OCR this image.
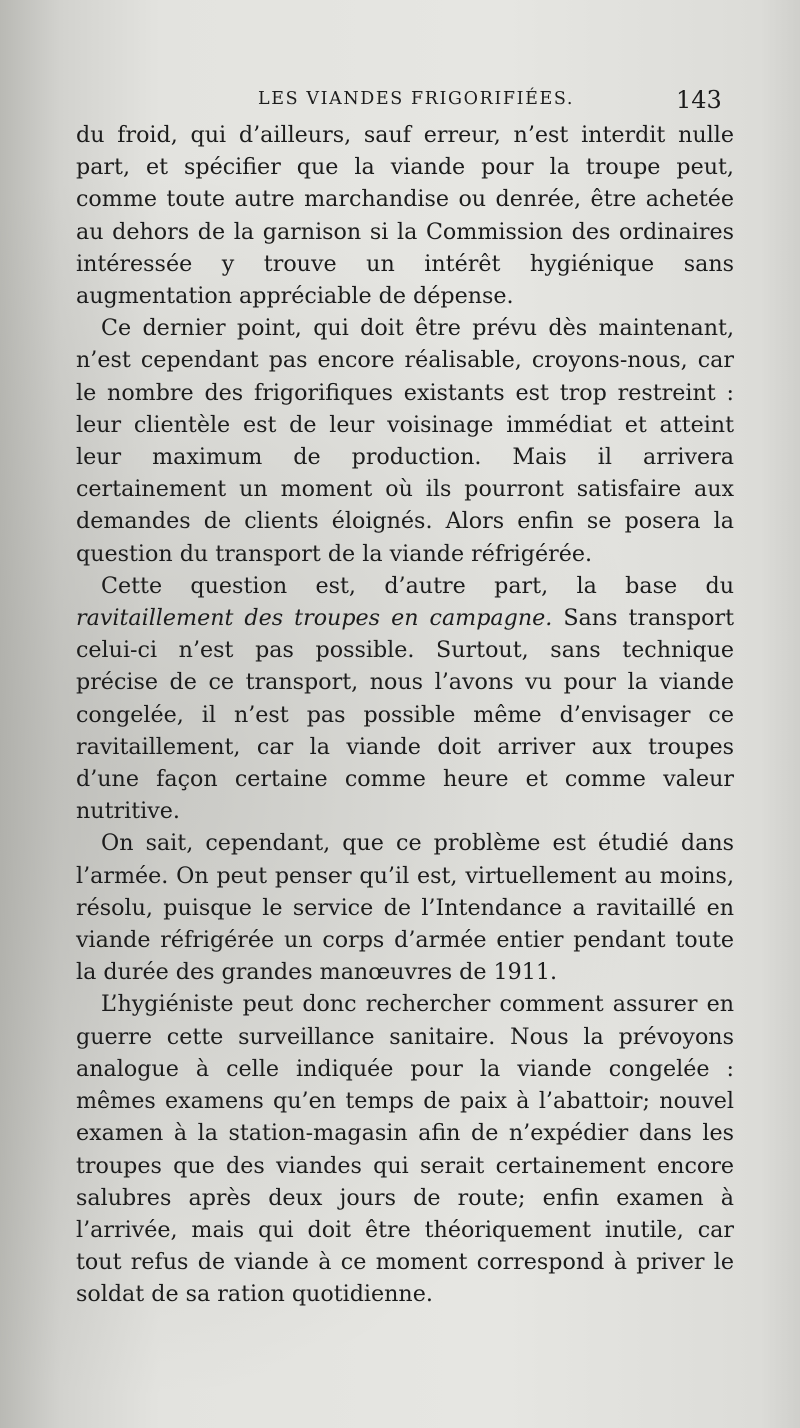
LES VIANDES FRIGORIFIÉES.	143

du froid, qui d’ailleurs, sauf erreur, n’est interdit nulle part, et spécifier que la viande pour la troupe peut, comme toute autre marchandise ou denrée, être achetée au dehors de la garnison si la Commission des ordinaires intéressée y trouve un intérêt hygiénique sans augmentation appréciable de dépense.

Ce dernier point, qui doit être prévu dès maintenant, n’est cependant pas encore réalisable, croyons-nous, car le nombre des frigorifiques existants est trop restreint : leur clientèle est de leur voisinage immédiat et atteint leur maximum de production. Mais il arrivera certainement un moment où ils pourront satisfaire aux demandes de clients éloignés. Alors enfin se posera la question du transport de la viande réfrigérée.

Cette question est, d’autre part, la base du ravitaillement des troupes en campagne. Sans transport celui-ci n’est pas possible. Surtout, sans technique précise de ce transport, nous l’avons vu pour la viande congelée, il n’est pas possible même d’envisager ce ravitaillement, car la viande doit arriver aux troupes d’une façon certaine comme heure et comme valeur nutritive.

On sait, cependant, que ce problème est étudié dans l’armée. On peut penser qu’il est, virtuellement au moins, résolu, puisque le service de l’Intendance a ravitaillé en viande réfrigérée un corps d’armée entier pendant toute la durée des grandes manœuvres de 1911.

L’hygiéniste peut donc rechercher comment assurer en guerre cette surveillance sanitaire. Nous la prévoyons analogue à celle indiquée pour la viande congelée : mêmes examens qu’en temps de paix à l’abattoir; nouvel examen à la station-magasin afin de n’expédier dans les troupes que des viandes qui serait certainement encore salubres après deux jours de route; enfin examen à l’arrivée, mais qui doit être théoriquement inutile, car tout refus de viande à ce moment correspond à priver le soldat de sa ration quotidienne.
